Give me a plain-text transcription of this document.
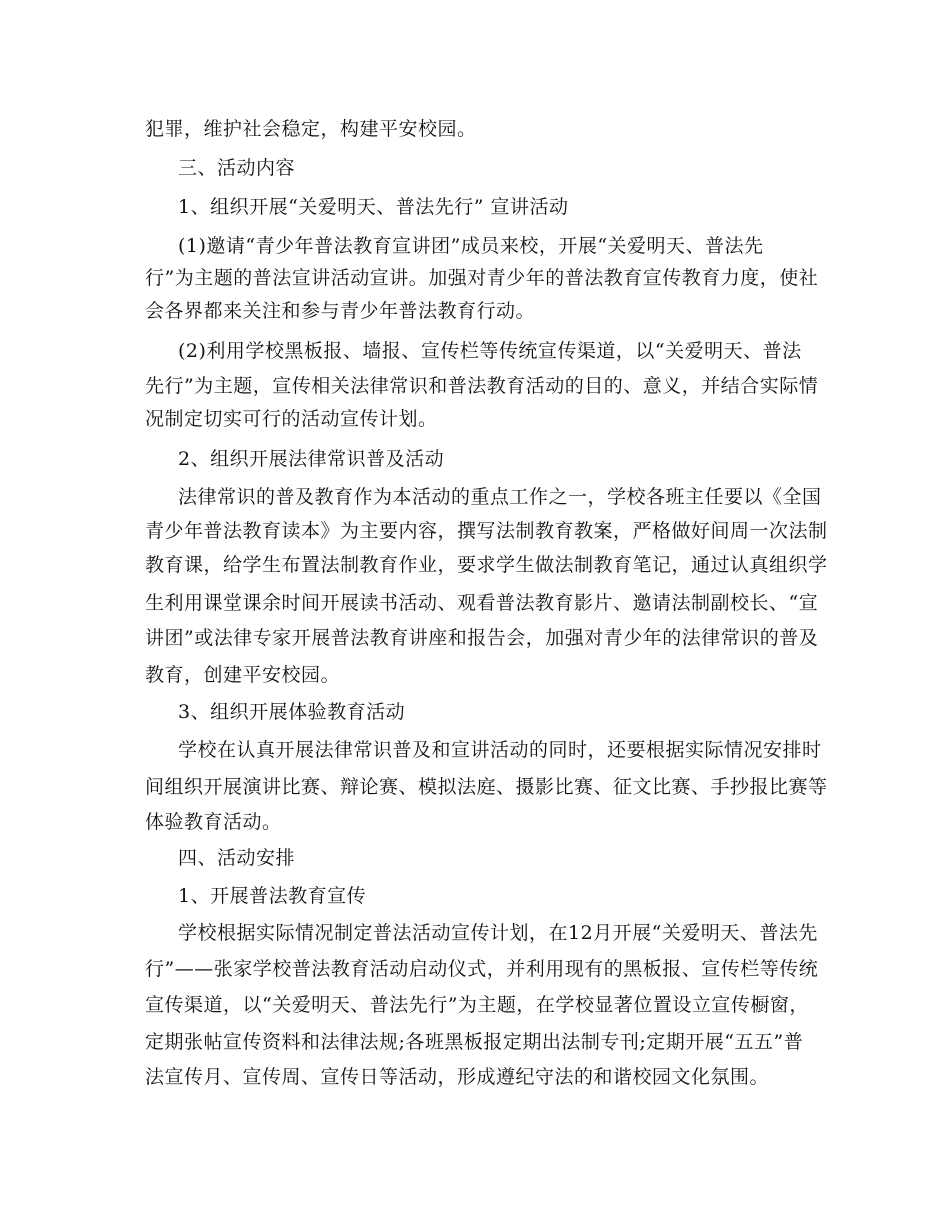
犯罪，维护社会稳定，构建平安校园。
三、活动内容
1、组织开展“关爱明天、普法先行” 宣讲活动
(1)邀请“青少年普法教育宣讲团”成员来校，开展“关爱明天、普法先
行”为主题的普法宣讲活动宣讲。加强对青少年的普法教育宣传教育力度，使社
会各界都来关注和参与青少年普法教育行动。
(2)利用学校黑板报、墙报、宣传栏等传统宣传渠道，以“关爱明天、普法
先行”为主题，宣传相关法律常识和普法教育活动的目的、意义，并结合实际情
况制定切实可行的活动宣传计划。
2、组织开展法律常识普及活动
法律常识的普及教育作为本活动的重点工作之一，学校各班主任要以《全国
青少年普法教育读本》为主要内容，撰写法制教育教案，严格做好间周一次法制
教育课，给学生布置法制教育作业，要求学生做法制教育笔记，通过认真组织学
生利用课堂课余时间开展读书活动、观看普法教育影片、邀请法制副校长、“宣
讲团”或法律专家开展普法教育讲座和报告会，加强对青少年的法律常识的普及
教育，创建平安校园。
3、组织开展体验教育活动
学校在认真开展法律常识普及和宣讲活动的同时，还要根据实际情况安排时
间组织开展演讲比赛、辩论赛、模拟法庭、摄影比赛、征文比赛、手抄报比赛等
体验教育活动。
四、活动安排
1、开展普法教育宣传
学校根据实际情况制定普法活动宣传计划，在12月开展“关爱明天、普法先
行”——张家学校普法教育活动启动仪式，并利用现有的黑板报、宣传栏等传统
宣传渠道，以“关爱明天、普法先行”为主题，在学校显著位置设立宣传橱窗，
定期张帖宣传资料和法律法规;各班黑板报定期出法制专刊;定期开展“五五”普
法宣传月、宣传周、宣传日等活动，形成遵纪守法的和谐校园文化氛围。
